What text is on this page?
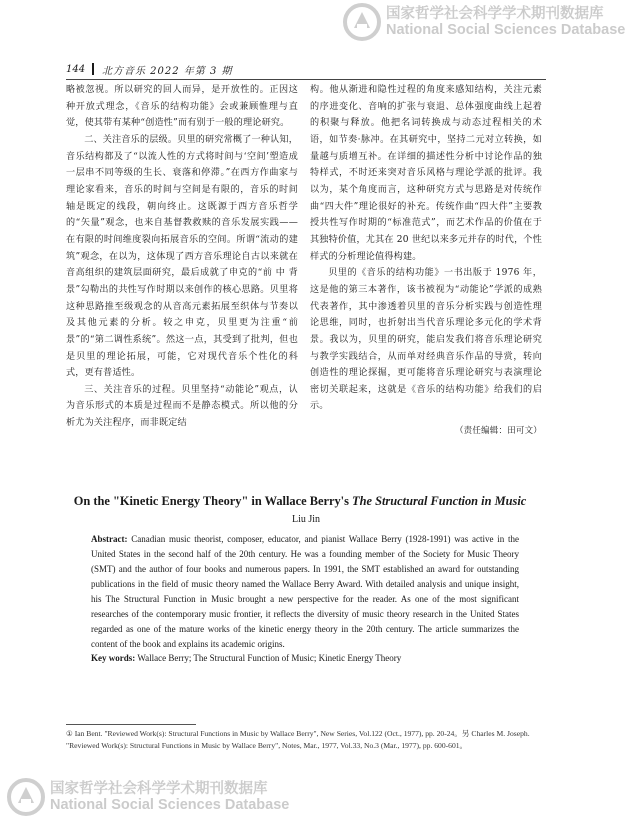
国家哲学社会科学学术期刊数据库
National Social Sciences Database
144	北方音乐 2022 年第 3 期

略被忽视。所以研究的回人而异，是开放性的。正因这种开放式理念，《音乐的结构功能》会或兼顾惟理与直觉，使其带有某种“创造性”而有别于一般的理论研究。

二、关注音乐的层级。贝里的研究常概了一种认知，音乐结构都及了“以流人性的方式将时间与‘空间’塑造成一层串不同等级的生长、衰落和停滞。”在西方作曲家与理论家看来，音乐的时间与空间是有限的，音乐的时间轴是既定的线段，朝向终止。这既源于西方音乐哲学的“矢量”观念，也来自基督教救赎的音乐发展实践——在有限的时间维度裂向拓展音乐的空间。所谓“流动的建筑”观念，在以为，这体现了西方音乐理论自古以来就在音高组织的建筑层面研究，最后成就了申克的“前 中 背景”勾勒出的共性写作时期以来创作的核心思路。贝里将这种思路推至级观念的从音高元素拓展至织体与节奏以及其他元素的分析。较之申克，贝里更为注重“前景”的“第二调性系统”。然这一点，其受到了批判，但也是贝里的理论拓展，可能，它对现代音乐个性化的科式，更有普适性。

三、关注音乐的过程。贝里坚持“动能论”观点，认为音乐形式的本质是过程而不是静态模式。所以他的分析尤为关注程序，而非既定结

构。他从渐进和隐性过程的角度来感知结构，关注元素的序进变化、音响的扩张与衰退、总体强度曲线上起着的积聚与释放。他把名词转换成与动态过程相关的术语，如节奏·脉冲。在其研究中，坚持二元对立转换，如量越与质增互补。在详细的描述性分析中讨论作品的独特样式，不时还来突对音乐风格与理论学派的批评。我以为，某个角度而言，这种研究方式与思路是对传统作曲“四大件”理论很好的补充。传统作曲“四大件”主要教授共性写作时期的“标准范式”，而艺术作品的价值在于其独特价值，尤其在 20 世纪以来多元并存的时代，个性样式的分析理论值得构建。

贝里的《音乐的结构功能》一书出版于 1976 年，这是他的第三本著作，该书被视为“动能论”学派的成熟代表著作，其中渗透着贝里的音乐分析实践与创造性理论思维，同时，也折射出当代音乐理论多元化的学术背景。我以为，贝里的研究，能启发我们将音乐理论研究与教学实践结合，从而单对经典音乐作品的导赏，转向创造性的理论探掘，更可能将音乐理论研究与表演理论密切关联起来，这就是《音乐的结构功能》给我们的启示。

（责任编辑：田可文）

On the "Kinetic Energy Theory" in Wallace Berry's The Structural Function in Music
Liu Jin
Abstract: Canadian music theorist, composer, educator, and pianist Wallace Berry (1928-1991) was active in the United States in the second half of the 20th century. He was a founding member of the Society for Music Theory (SMT) and the author of four books and numerous papers. In 1991, the SMT established an award for outstanding publications in the field of music theory named the Wallace Berry Award. With detailed analysis and unique insight, his The Structural Function in Music brought a new perspective for the reader. As one of the most significant researches of the contemporary music frontier, it reflects the diversity of music theory research in the United States regarded as one of the mature works of the kinetic energy theory in the 20th century. The article summarizes the content of the book and explains its academic origins.
Key words: Wallace Berry; The Structural Function of Music; Kinetic Energy Theory
① Ian Bent. "Reviewed Work(s): Structural Functions in Music by Wallace Berry", New Series, Vol.122 (Oct., 1977), pp. 20-24。另 Charles M. Joseph. "Reviewed Work(s): Structural Functions in Music by Wallace Berry", Notes, Mar., 1977, Vol.33, No.3 (Mar., 1977), pp. 600-601。
国家哲学社会科学学术期刊数据库
National Social Sciences Database
